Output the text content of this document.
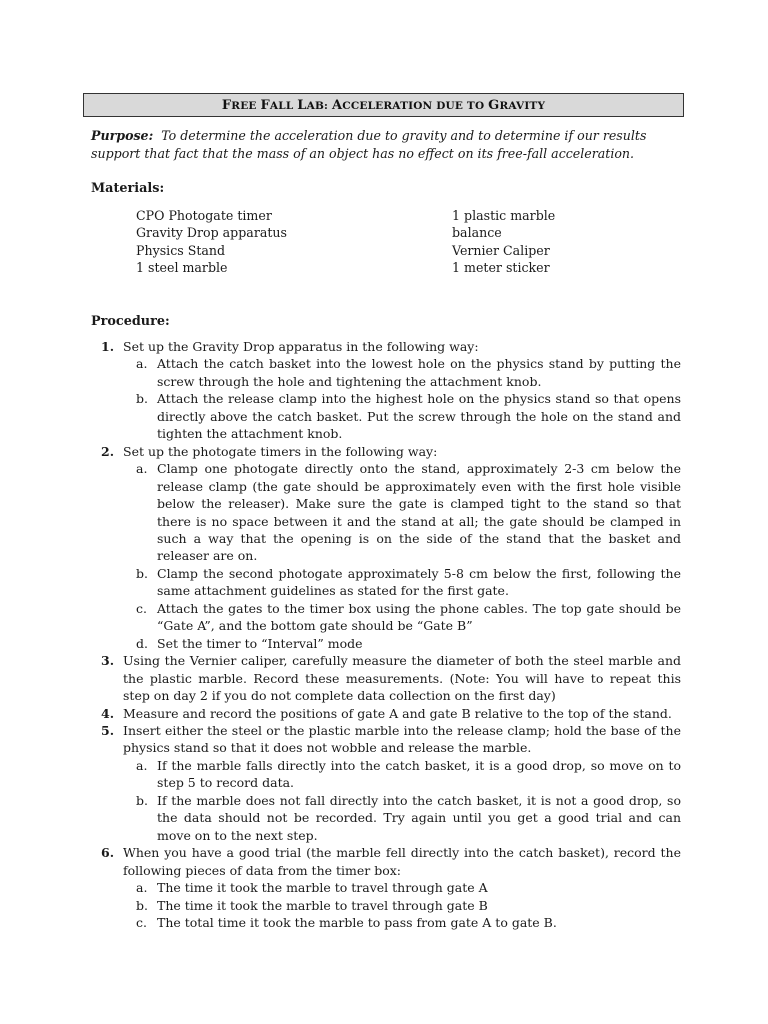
FREE FALL LAB: ACCELERATION DUE TO GRAVITY
Purpose: To determine the acceleration due to gravity and to determine if our results support that fact that the mass of an object has no effect on its free-fall acceleration.
Materials:
CPO Photogate timer
Gravity Drop apparatus
Physics Stand
1 steel marble
1 plastic marble
balance
Vernier Caliper
1 meter sticker
Procedure:
1. Set up the Gravity Drop apparatus in the following way:
a. Attach the catch basket into the lowest hole on the physics stand by putting the screw through the hole and tightening the attachment knob.
b. Attach the release clamp into the highest hole on the physics stand so that opens directly above the catch basket. Put the screw through the hole on the stand and tighten the attachment knob.
2. Set up the photogate timers in the following way:
a. Clamp one photogate directly onto the stand, approximately 2-3 cm below the release clamp (the gate should be approximately even with the first hole visible below the releaser). Make sure the gate is clamped tight to the stand so that there is no space between it and the stand at all; the gate should be clamped in such a way that the opening is on the side of the stand that the basket and releaser are on.
b. Clamp the second photogate approximately 5-8 cm below the first, following the same attachment guidelines as stated for the first gate.
c. Attach the gates to the timer box using the phone cables. The top gate should be “Gate A”, and the bottom gate should be “Gate B”
d. Set the timer to “Interval” mode
3. Using the Vernier caliper, carefully measure the diameter of both the steel marble and the plastic marble. Record these measurements. (Note: You will have to repeat this step on day 2 if you do not complete data collection on the first day)
4. Measure and record the positions of gate A and gate B relative to the top of the stand.
5. Insert either the steel or the plastic marble into the release clamp; hold the base of the physics stand so that it does not wobble and release the marble.
a. If the marble falls directly into the catch basket, it is a good drop, so move on to step 5 to record data.
b. If the marble does not fall directly into the catch basket, it is not a good drop, so the data should not be recorded. Try again until you get a good trial and can move on to the next step.
6. When you have a good trial (the marble fell directly into the catch basket), record the following pieces of data from the timer box:
a. The time it took the marble to travel through gate A
b. The time it took the marble to travel through gate B
c. The total time it took the marble to pass from gate A to gate B.
